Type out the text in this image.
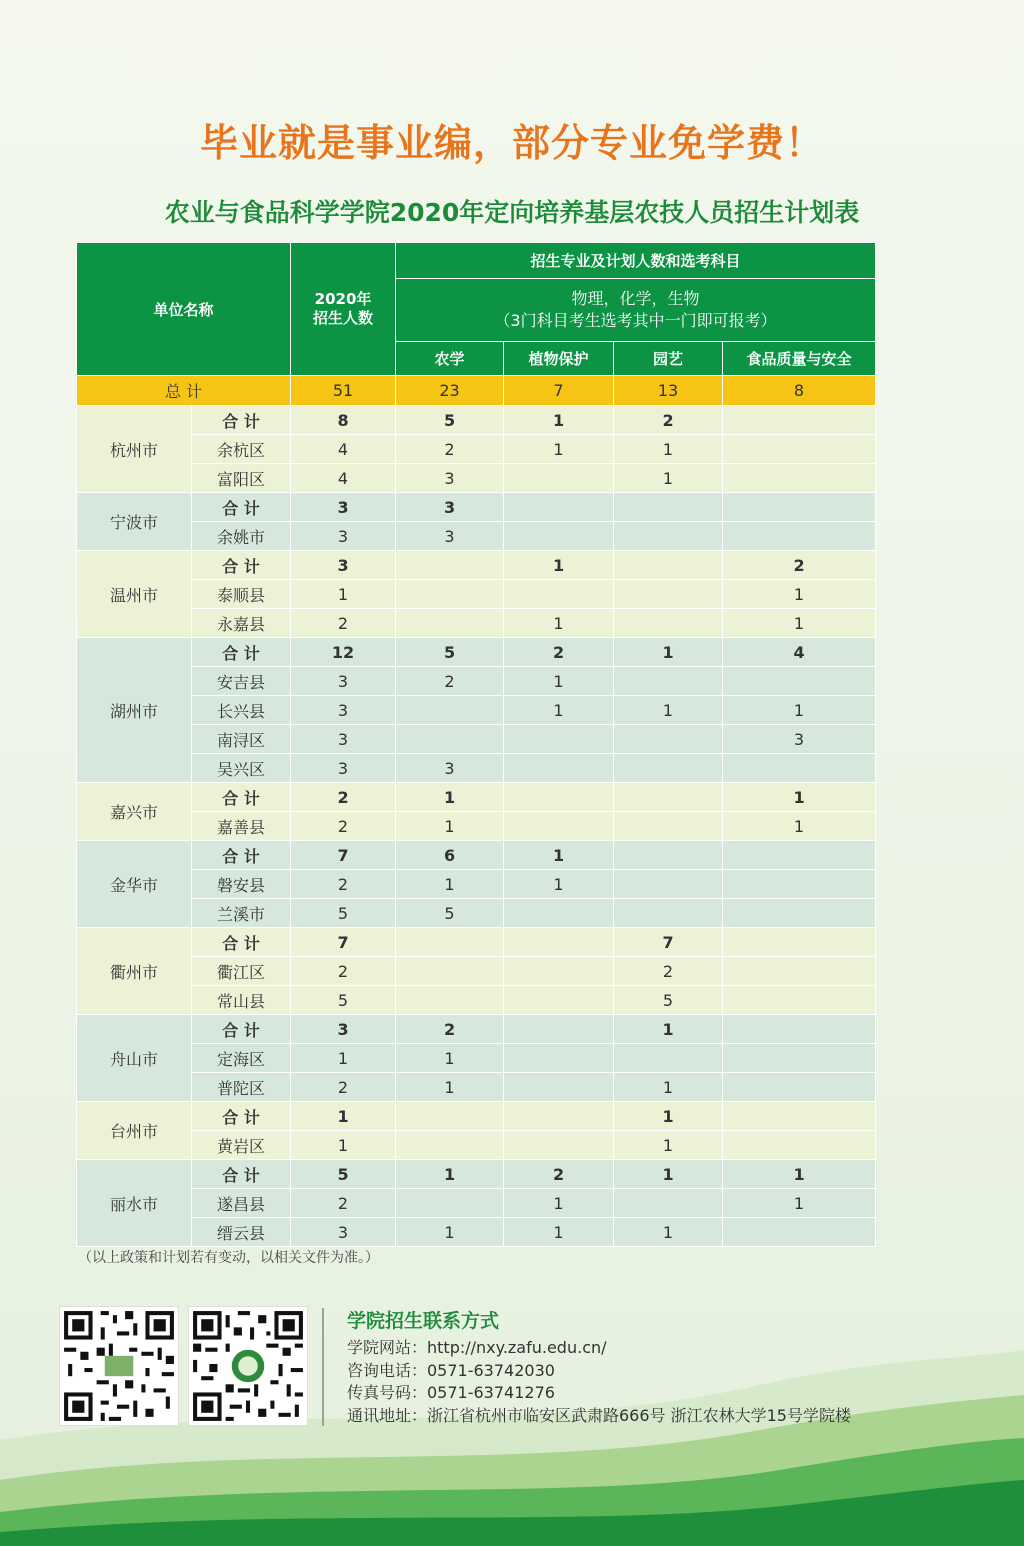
毕业就是事业编，部分专业免学费！
农业与食品科学学院2020年定向培养基层农技人员招生计划表
单位名称		2020年
招生人数	招生专业及计划人数和选考科目			

			物理，化学，生物
（3门科目考生选考其中一门即可报考）			

			农学	植物保护	园艺	食品质量与安全
总 计		51	23	7	13	8
杭州市	合 计	8	5	1	2	
	余杭区	4	2	1	1	
	富阳区	4	3		1	
宁波市	合 计	3	3			
	余姚市	3	3			
温州市	合 计	3		1		2
	泰顺县	1				1
	永嘉县	2		1		1
湖州市	合 计	12	5	2	1	4
	安吉县	3	2	1		
	长兴县	3		1	1	1
	南浔区	3				3
	吴兴区	3	3			
嘉兴市	合 计	2	1			1
	嘉善县	2	1			1
金华市	合 计	7	6	1		
	磐安县	2	1	1		
	兰溪市	5	5			
衢州市	合 计	7			7	
	衢江区	2			2	
	常山县	5			5	
舟山市	合 计	3	2		1	
	定海区	1	1			
	普陀区	2	1		1	
台州市	合 计	1			1	
	黄岩区	1			1	
丽水市	合 计	5	1	2	1	1
	遂昌县	2		1		1
	缙云县	3	1	1	1	
（以上政策和计划若有变动，以相关文件为准。）
学院招生联系方式
学院网站：http://nxy.zafu.edu.cn/
咨询电话：0571-63742030
传真号码：0571-63741276
通讯地址：浙江省杭州市临安区武肃路666号 浙江农林大学15号学院楼
